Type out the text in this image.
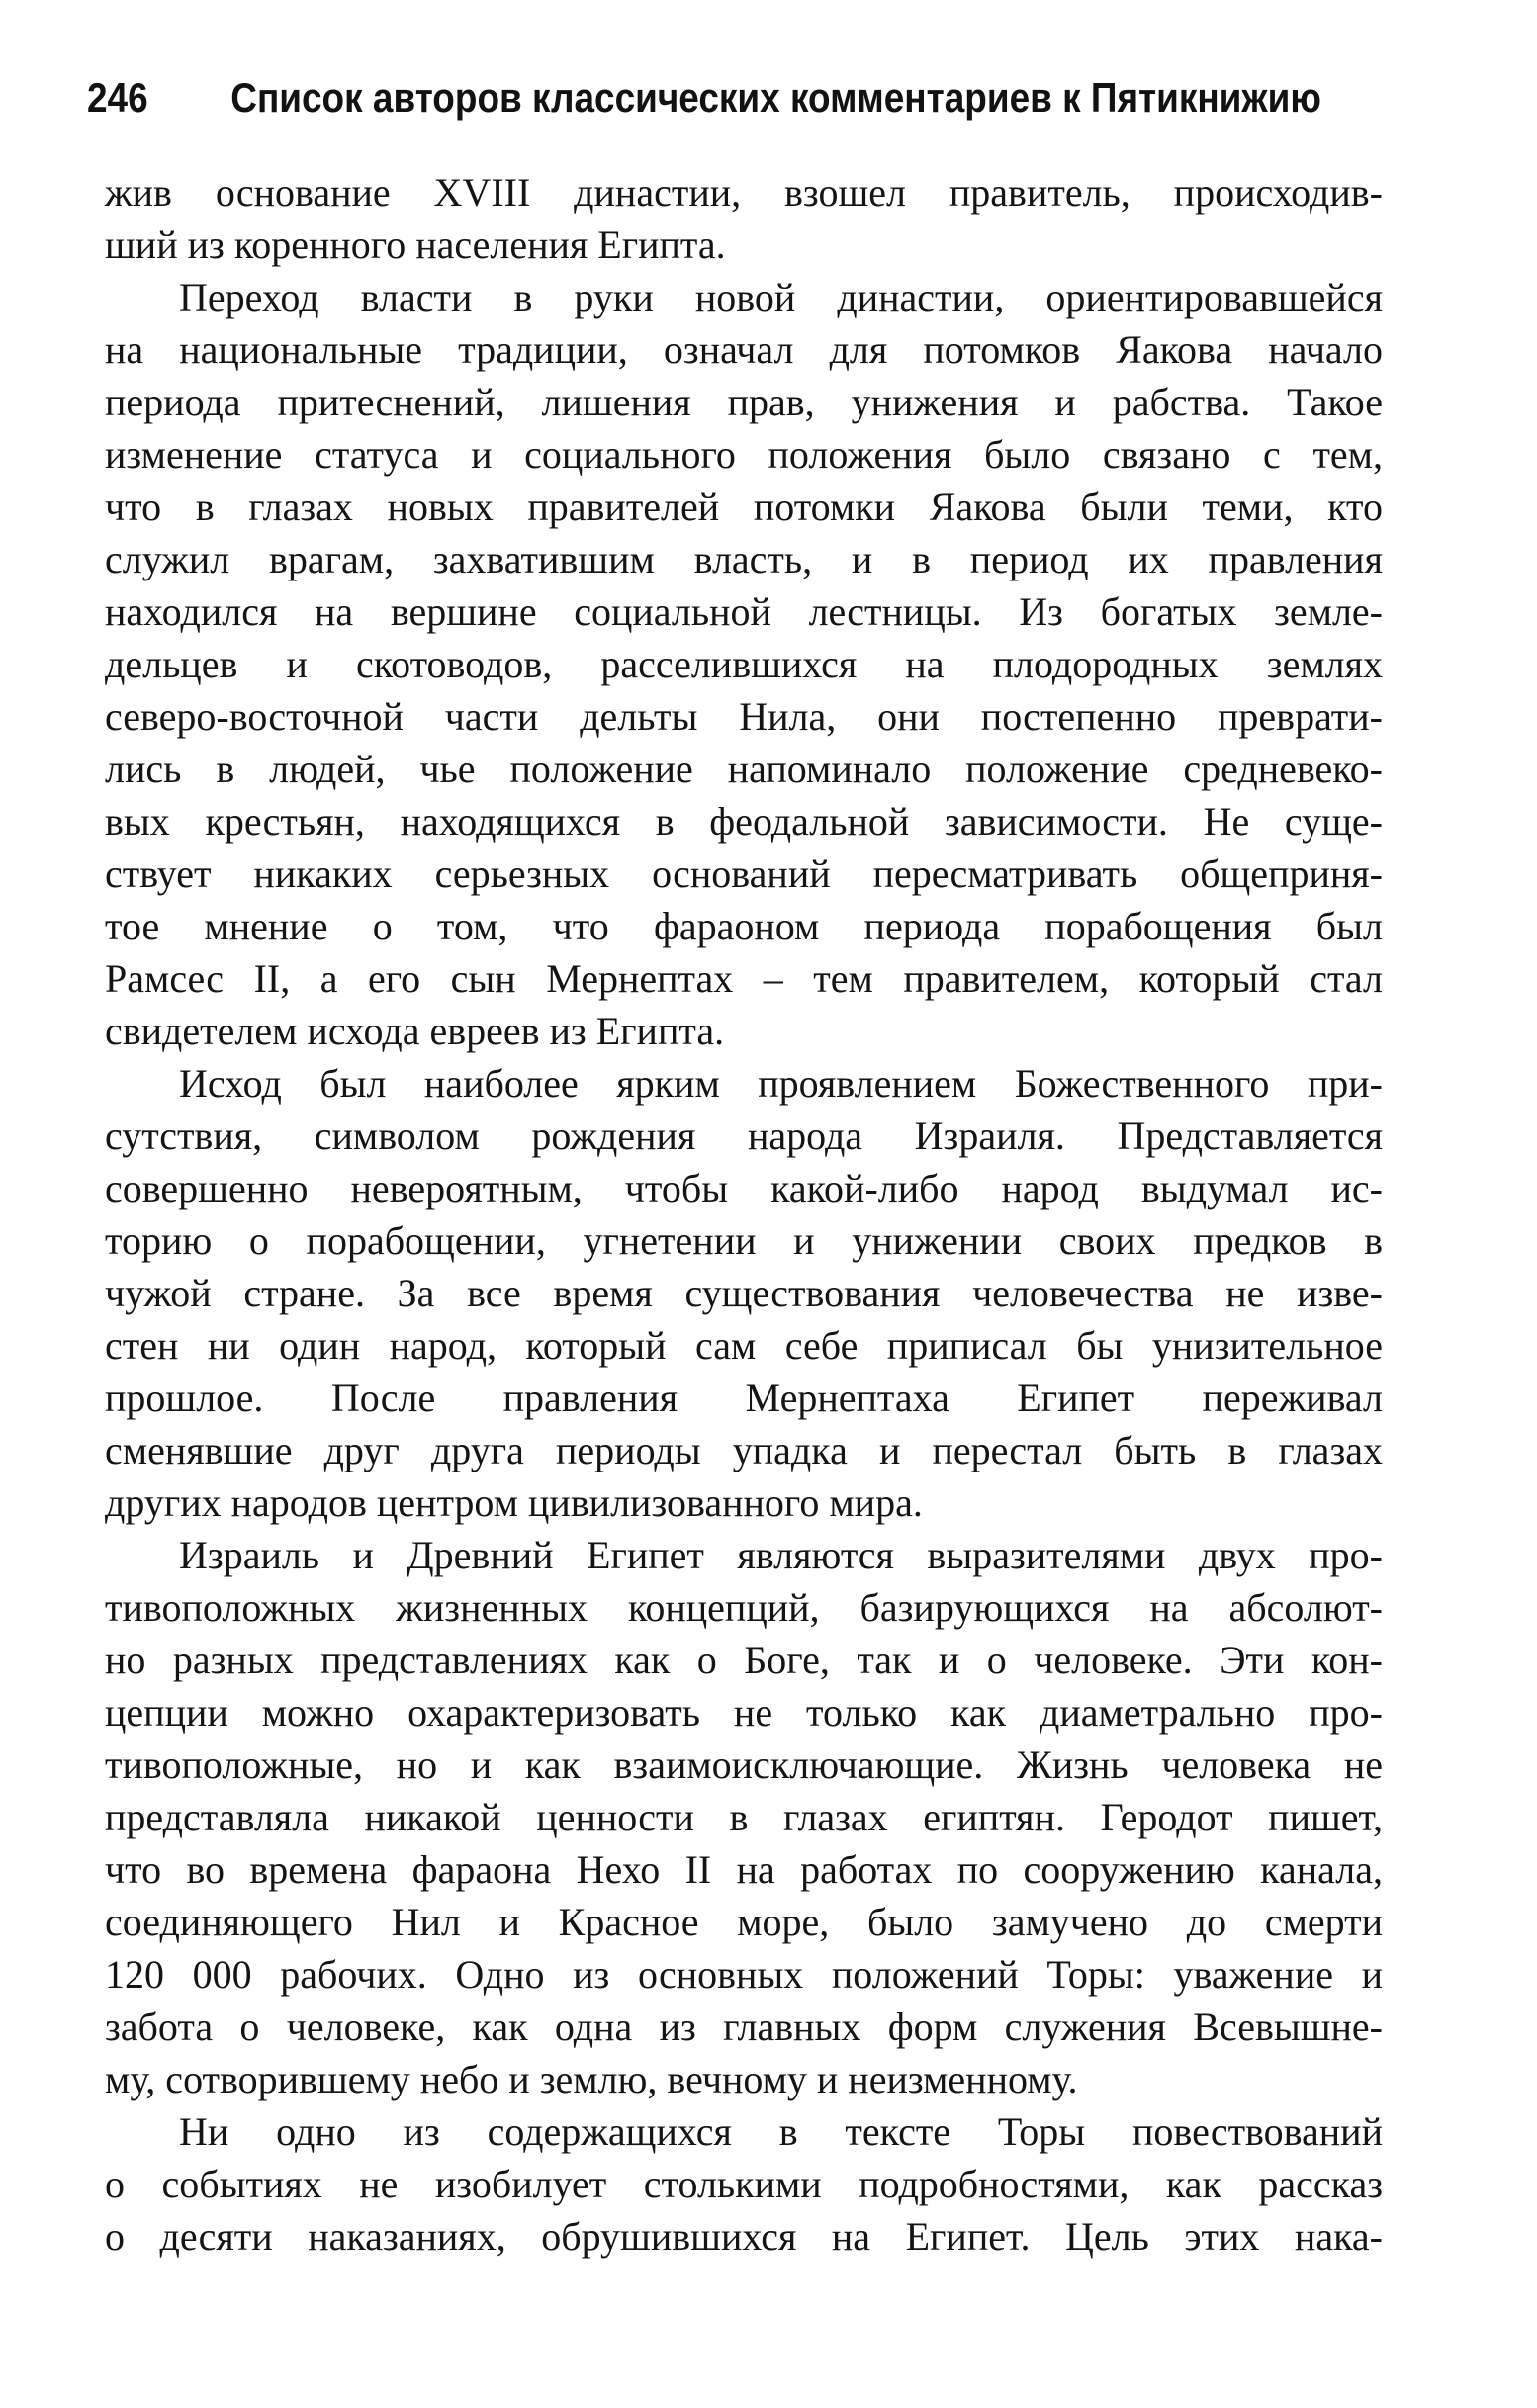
246 Список авторов классических комментариев к Пятикнижию
жив основание XVIII династии, взошел правитель, происходив-
ший из коренного населения Египта.
Переход власти в руки новой династии, ориентировавшейся
на национальные традиции, означал для потомков Яакова начало
периода притеснений, лишения прав, унижения и рабства. Такое
изменение статуса и социального положения было связано с тем,
что в глазах новых правителей потомки Яакова были теми, кто
служил врагам, захватившим власть, и в период их правления
находился на вершине социальной лестницы. Из богатых земле-
дельцев и скотоводов, расселившихся на плодородных землях
северо-восточной части дельты Нила, они постепенно преврати-
лись в людей, чье положение напоминало положение средневеко-
вых крестьян, находящихся в феодальной зависимости. Не суще-
ствует никаких серьезных оснований пересматривать общеприня-
тое мнение о том, что фараоном периода порабощения был
Рамсес II, а его сын Мернептах – тем правителем, который стал
свидетелем исхода евреев из Египта.
Исход был наиболее ярким проявлением Божественного при-
сутствия, символом рождения народа Израиля. Представляется
совершенно невероятным, чтобы какой-либо народ выдумал ис-
торию о порабощении, угнетении и унижении своих предков в
чужой стране. За все время существования человечества не изве-
стен ни один народ, который сам себе приписал бы унизительное
прошлое. После правления Мернептаха Египет переживал
сменявшие друг друга периоды упадка и перестал быть в глазах
других народов центром цивилизованного мира.
Израиль и Древний Египет являются выразителями двух про-
тивоположных жизненных концепций, базирующихся на абсолют-
но разных представлениях как о Боге, так и о человеке. Эти кон-
цепции можно охарактеризовать не только как диаметрально про-
тивоположные, но и как взаимоисключающие. Жизнь человека не
представляла никакой ценности в глазах египтян. Геродот пишет,
что во времена фараона Нехо II на работах по сооружению канала,
соединяющего Нил и Красное море, было замучено до смерти
120 000 рабочих. Одно из основных положений Торы: уважение и
забота о человеке, как одна из главных форм служения Всевышне-
му, сотворившему небо и землю, вечному и неизменному.
Ни одно из содержащихся в тексте Торы повествований
о событиях не изобилует столькими подробностями, как рассказ
о десяти наказаниях, обрушившихся на Египет. Цель этих нака-
